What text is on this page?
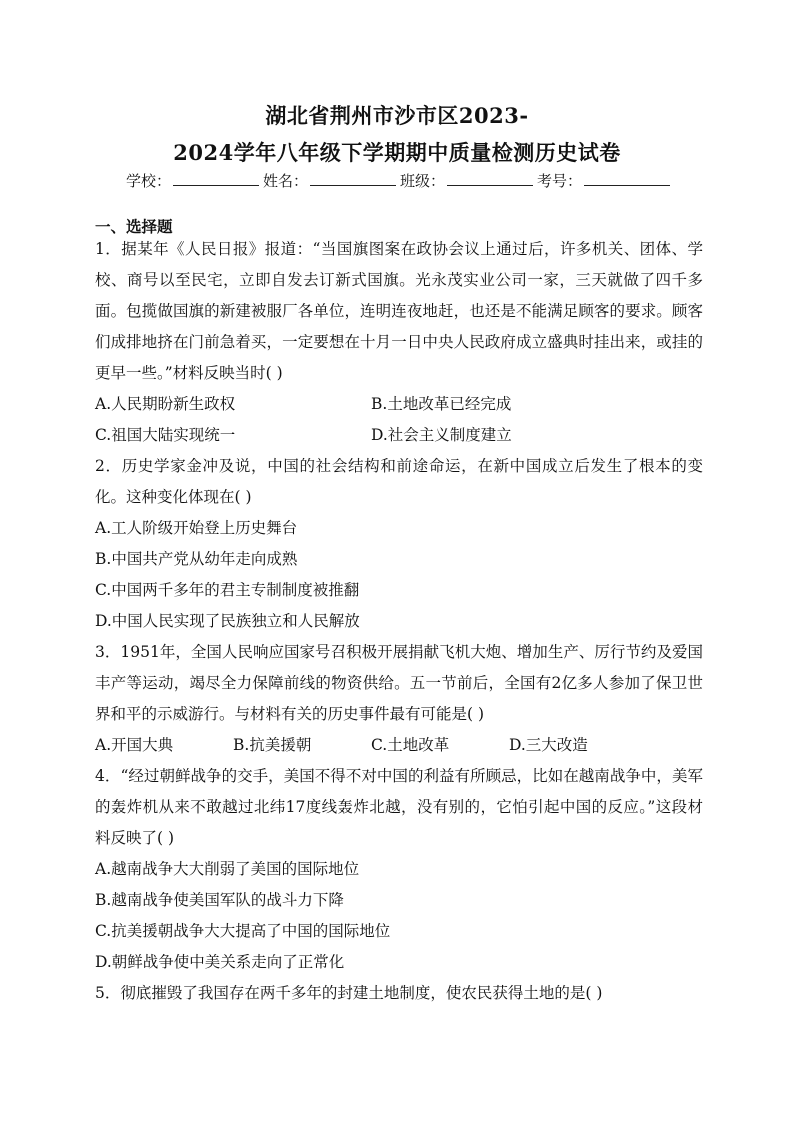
湖北省荆州市沙市区2023-
2024学年八年级下学期期中质量检测历史试卷
学校：	姓名：	班级：	考号：
一、选择题

1．据某年《人民日报》报道：“当国旗图案在政协会议上通过后，许多机关、团体、学校、商号以至民宅，立即自发去订新式国旗。光永茂实业公司一家，三天就做了四千多面。包揽做国旗的新建被服厂各单位，连明连夜地赶，也还是不能满足顾客的要求。顾客们成排地挤在门前急着买，一定要想在十月一日中央人民政府成立盛典时挂出来，或挂的更早一些。”材料反映当时( )

A.人民期盼新生政权	B.土地改革已经完成

C.祖国大陆实现统一	D.社会主义制度建立

2．历史学家金冲及说，中国的社会结构和前途命运，在新中国成立后发生了根本的变化。这种变化体现在( )

A.工人阶级开始登上历史舞台

B.中国共产党从幼年走向成熟

C.中国两千多年的君主专制制度被推翻

D.中国人民实现了民族独立和人民解放

3．1951年，全国人民响应国家号召积极开展捐献飞机大炮、增加生产、厉行节约及爱国丰产等运动，竭尽全力保障前线的物资供给。五一节前后，全国有2亿多人参加了保卫世界和平的示威游行。与材料有关的历史事件最有可能是( )

A.开国大典	B.抗美援朝	C.土地改革	D.三大改造

4．“经过朝鲜战争的交手，美国不得不对中国的利益有所顾忌，比如在越南战争中，美军的轰炸机从来不敢越过北纬17度线轰炸北越，没有别的，它怕引起中国的反应。”这段材料反映了( )

A.越南战争大大削弱了美国的国际地位

B.越南战争使美国军队的战斗力下降

C.抗美援朝战争大大提高了中国的国际地位

D.朝鲜战争使中美关系走向了正常化

5．彻底摧毁了我国存在两千多年的封建土地制度，使农民获得土地的是( )
